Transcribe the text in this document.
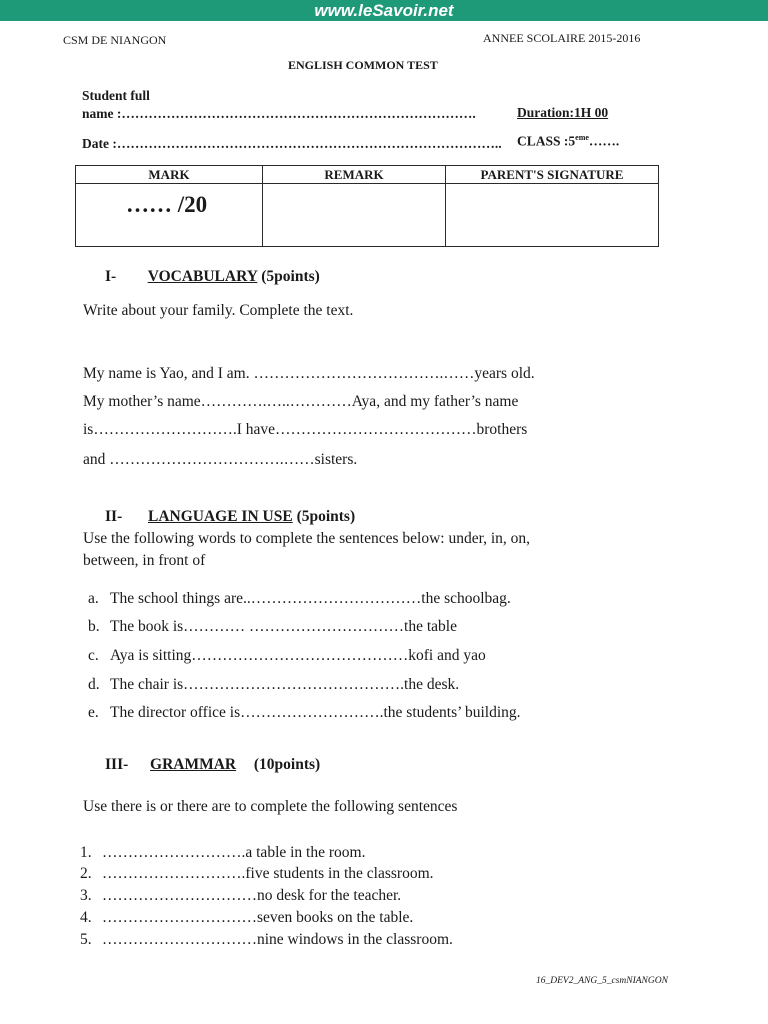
www.leSavoir.net
CSM DE NIANGON	ANNEE SCOLAIRE 2015-2016
ENGLISH COMMON TEST
Student full
name :…………………………………………………………………….	Duration:1H 00
Date :………………………………………………………………………….. CLASS :5eme…….
MARK	REMARK	PARENT'S SIGNATURE

…… /20		

I- VOCABULARY (5points)
Write about your family. Complete the text.
My name is Yao, and I am. ……………………………….……years old.
My mother’s name………….…..…………Aya, and my father’s name
is……………………….I have…………………………………brothers
and …………………………….……sisters.
II- LANGUAGE IN USE (5points)
Use the following words to complete the sentences below: under, in, on,
between, in front of
a. The school things are..……………………………the schoolbag.
b. The book is………… …………………………the table
c. Aya is sitting……………………………………kofi and yao
d. The chair is…………………………………….the desk.
e. The director office is……………………….the students’ building.
III- GRAMMAR (10points)
Use there is or there are to complete the following sentences
1. ……………………….a table in the room.
2. ……………………….five students in the classroom.
3. …………………………no desk for the teacher.
4. …………………………seven books on the table.
5. …………………………nine windows in the classroom.
16_DEV2_ANG_5_csmNIANGON
